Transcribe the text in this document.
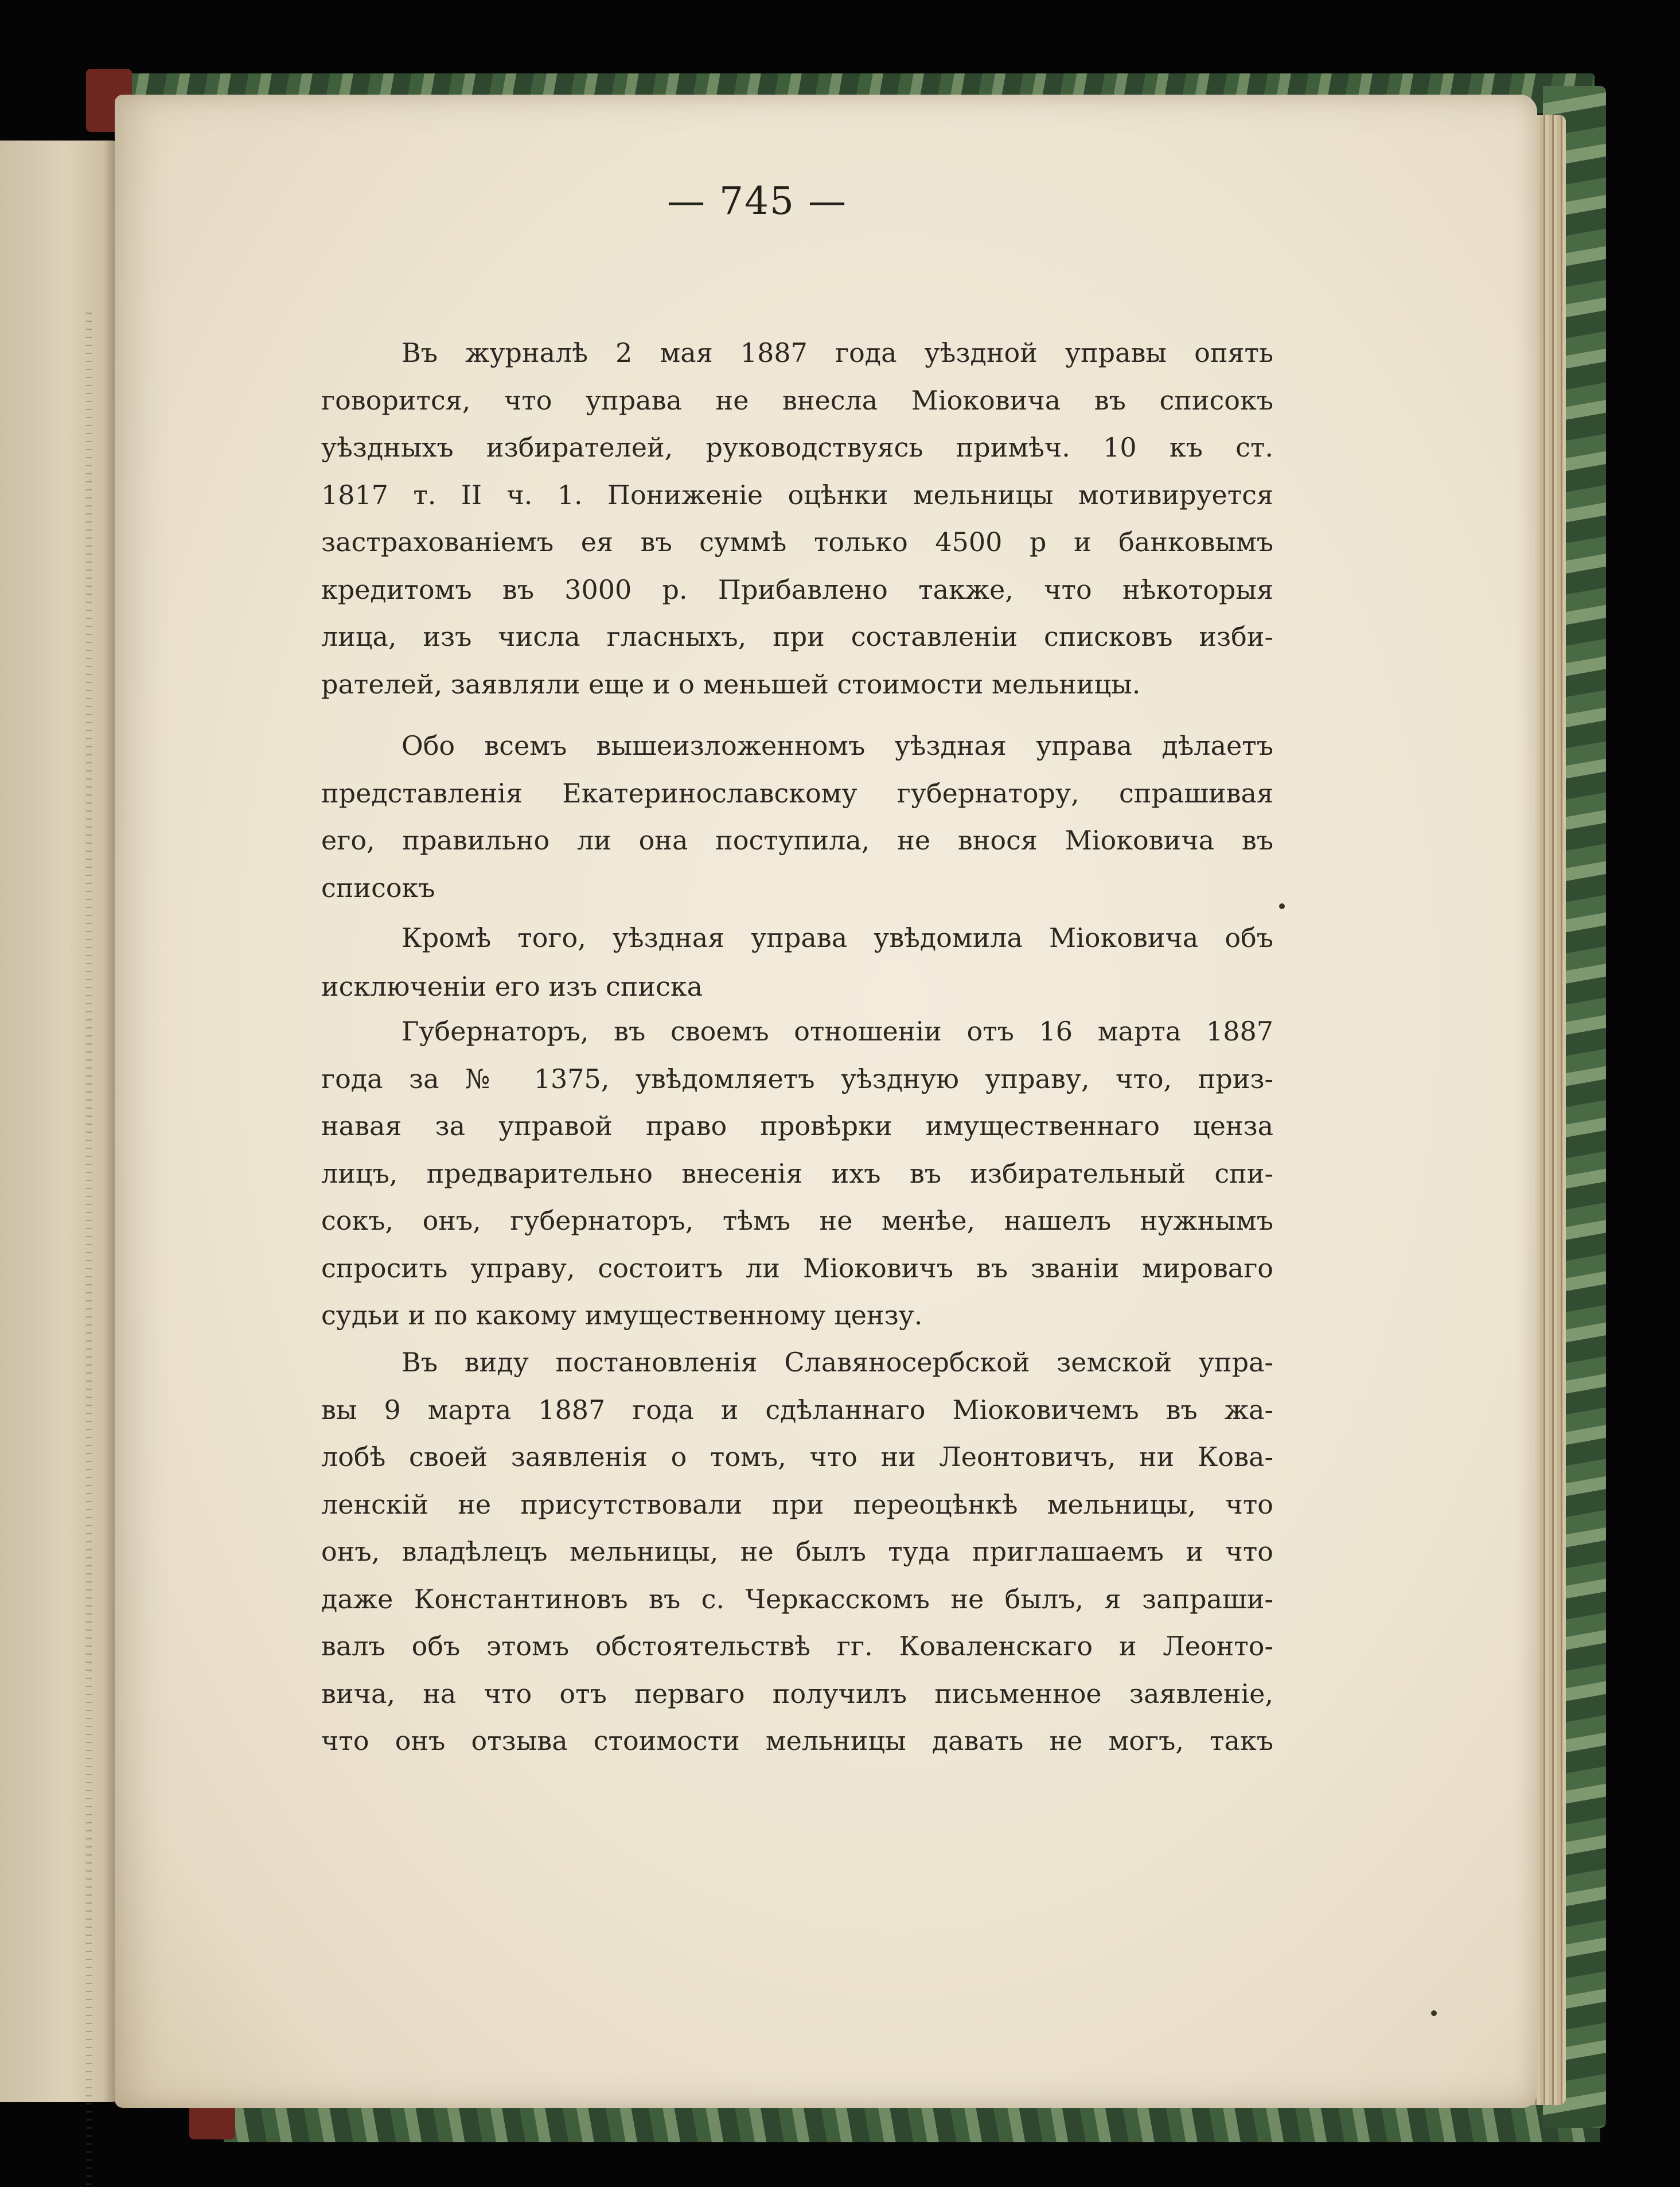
— 745 —
Въ журналѣ 2 мая 1887 года уѣздной управы опять
говорится, что управа не внесла Міоковича въ списокъ
уѣздныхъ избирателей, руководствуясь примѣч. 10 къ ст.
1817 т. II ч. 1. Пониженіе оцѣнки мельницы мотивируется
застрахованіемъ ея въ суммѣ только 4500 р и банковымъ
кредитомъ въ 3000 р. Прибавлено также, что нѣкоторыя
лица, изъ числа гласныхъ, при составленіи списковъ изби-
рателей, заявляли еще и о меньшей стоимости мельницы.
Обо всемъ вышеизложенномъ уѣздная управа дѣлаетъ
представленія Екатеринославскому губернатору, спрашивая
его, правильно ли она поступила, не внося Міоковича въ
списокъ
Кромѣ того, уѣздная управа увѣдомила Міоковича объ
исключеніи его изъ списка
Губернаторъ, въ своемъ отношеніи отъ 16 марта 1887
года за № 1375, увѣдомляетъ уѣздную управу, что, приз-
навая за управой право провѣрки имущественнаго ценза
лицъ, предварительно внесенія ихъ въ избирательный спи-
сокъ, онъ, губернаторъ, тѣмъ не менѣе, нашелъ нужнымъ
спросить управу, состоитъ ли Міоковичъ въ званіи мироваго
судьи и по какому имущественному цензу.
Въ виду постановленія Славяносербской земской упра-
вы 9 марта 1887 года и сдѣланнаго Міоковичемъ въ жа-
лобѣ своей заявленія о томъ, что ни Леонтовичъ, ни Кова-
ленскій не присутствовали при переоцѣнкѣ мельницы, что
онъ, владѣлецъ мельницы, не былъ туда приглашаемъ и что
даже Константиновъ въ с. Черкасскомъ не былъ, я запраши-
валъ объ этомъ обстоятельствѣ гг. Коваленскаго и Леонто-
вича, на что отъ перваго получилъ письменное заявленіе,
что онъ отзыва стоимости мельницы давать не могъ, такъ
